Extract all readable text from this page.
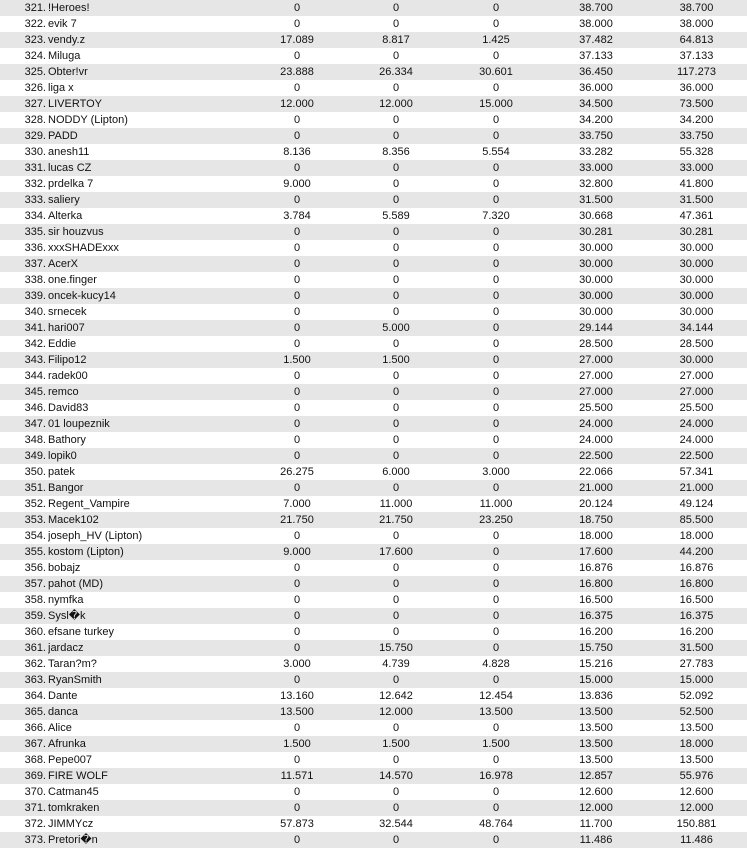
321. !Heroes!	0	0	0	38.700	38.700
322. evik 7	0	0	0	38.000	38.000
323. vendy.z	17.089	8.817	1.425	37.482	64.813
324. Miluga	0	0	0	37.133	37.133
325. Obter!vr	23.888	26.334	30.601	36.450	117.273
326. liga x	0	0	0	36.000	36.000
327. LIVERTOY	12.000	12.000	15.000	34.500	73.500
328. NODDY (Lipton)	0	0	0	34.200	34.200
329. PADD	0	0	0	33.750	33.750
330. anesh11	8.136	8.356	5.554	33.282	55.328
331. lucas CZ	0	0	0	33.000	33.000
332. prdelka 7	9.000	0	0	32.800	41.800
333. saliery	0	0	0	31.500	31.500
334. Alterka	3.784	5.589	7.320	30.668	47.361
335. sir houzvus	0	0	0	30.281	30.281
336. xxxSHADExxx	0	0	0	30.000	30.000
337. AcerX	0	0	0	30.000	30.000
338. one.finger	0	0	0	30.000	30.000
339. oncek-kucy14	0	0	0	30.000	30.000
340. srnecek	0	0	0	30.000	30.000
341. hari007	0	5.000	0	29.144	34.144
342. Eddie	0	0	0	28.500	28.500
343. Filipo12	1.500	1.500	0	27.000	30.000
344. radek00	0	0	0	27.000	27.000
345. remco	0	0	0	27.000	27.000
346. David83	0	0	0	25.500	25.500
347. 01 loupeznik	0	0	0	24.000	24.000
348. Bathory	0	0	0	24.000	24.000
349. lopik0	0	0	0	22.500	22.500
350. patek	26.275	6.000	3.000	22.066	57.341
351. Bangor	0	0	0	21.000	21.000
352. Regent_Vampire	7.000	11.000	11.000	20.124	49.124
353. Macek102	21.750	21.750	23.250	18.750	85.500
354. joseph_HV (Lipton)	0	0	0	18.000	18.000
355. kostom (Lipton)	9.000	17.600	0	17.600	44.200
356. bobajz	0	0	0	16.876	16.876
357. pahot (MD)	0	0	0	16.800	16.800
358. nymfka	0	0	0	16.500	16.500
359. Sysl�k	0	0	0	16.375	16.375
360. efsane turkey	0	0	0	16.200	16.200
361. jardacz	0	15.750	0	15.750	31.500
362. Taran?m?	3.000	4.739	4.828	15.216	27.783
363. RyanSmith	0	0	0	15.000	15.000
364. Dante	13.160	12.642	12.454	13.836	52.092
365. danca	13.500	12.000	13.500	13.500	52.500
366. Alice	0	0	0	13.500	13.500
367. Afrunka	1.500	1.500	1.500	13.500	18.000
368. Pepe007	0	0	0	13.500	13.500
369. FIRE WOLF	11.571	14.570	16.978	12.857	55.976
370. Catman45	0	0	0	12.600	12.600
371. tomkraken	0	0	0	12.000	12.000
372. JIMMYcz	57.873	32.544	48.764	11.700	150.881
373. Pretori�n	0	0	0	11.486	11.486
